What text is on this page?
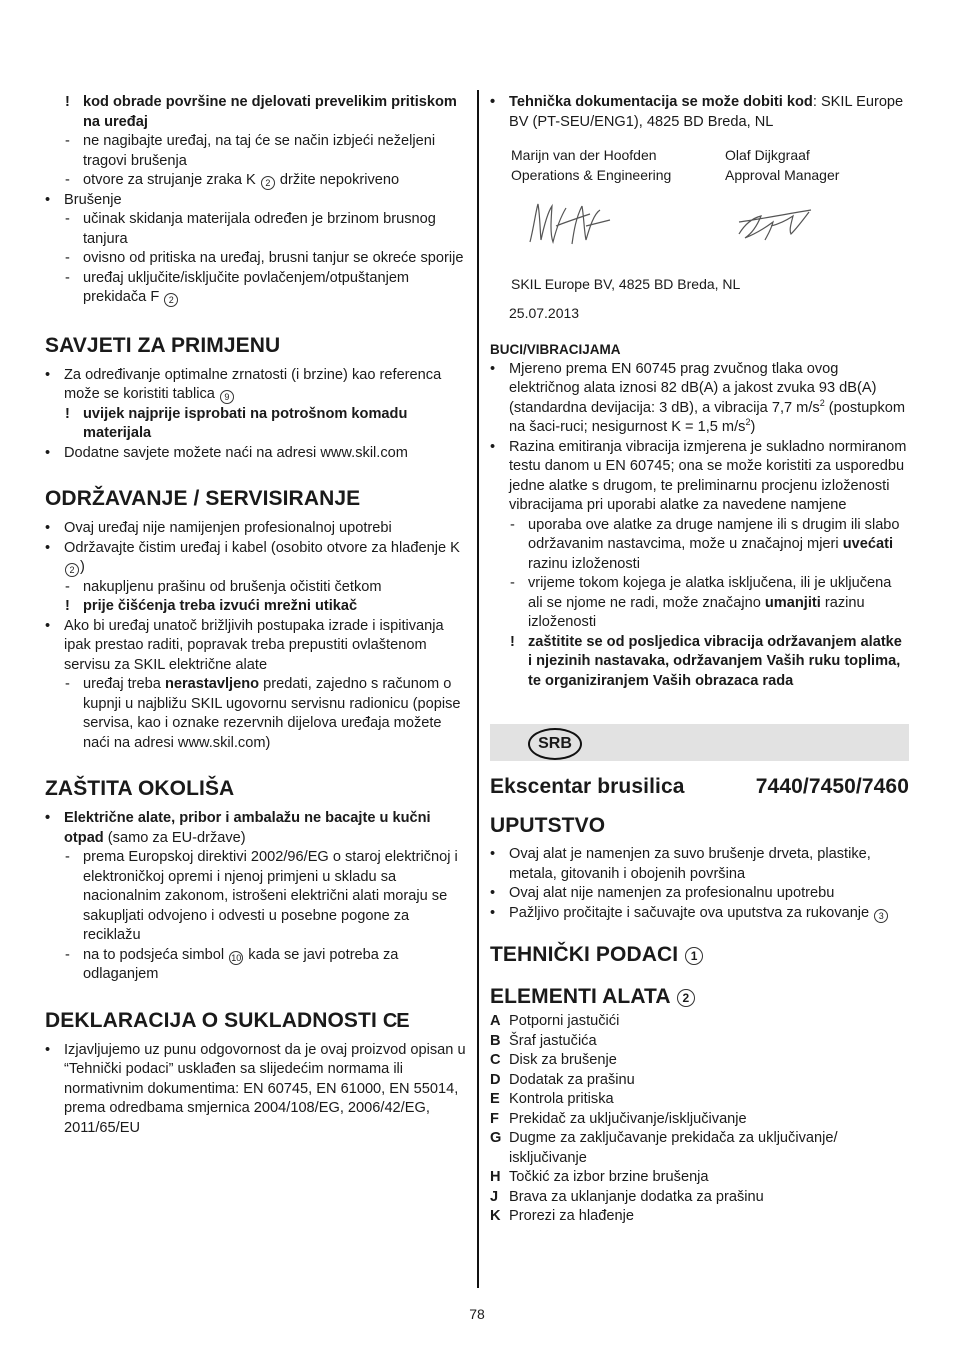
! kod obrade površine ne djelovati prevelikim pritiskom na uređaj
- ne nagibajte uređaj, na taj će se način izbjeći neželjeni tragovi brušenja
- otvore za strujanje zraka K 2 držite nepokriveno
• Brušenje
- učinak skidanja materijala određen je brzinom brusnog tanjura
- ovisno od pritiska na uređaj, brusni tanjur se okreće sporije
- uređaj uključite/isključite povlačenjem/otpuštanjem prekidača F 2
SAVJETI ZA PRIMJENU
• Za određivanje optimalne zrnatosti (i brzine) kao referenca može se koristiti tablica 9
! uvijek najprije isprobati na potrošnom komadu materijala
• Dodatne savjete možete naći na adresi www.skil.com
ODRŽAVANJE / SERVISIRANJE
• Ovaj uređaj nije namijenjen profesionalnoj upotrebi
• Održavajte čistim uređaj i kabel (osobito otvore za hlađenje K 2 )
- nakupljenu prašinu od brušenja očistiti četkom
! prije čišćenja treba izvući mrežni utikač
• Ako bi uređaj unatoč brižljivih postupaka izrade i ispitivanja ipak prestao raditi, popravak treba prepustiti ovlaštenom servisu za SKIL električne alate
- uređaj treba nerastavljeno predati, zajedno s računom o kupnji u najbližu SKIL ugovornu servisnu radionicu (popise servisa, kao i oznake rezervnih dijelova uređaja možete naći na adresi www.skil.com)
ZAŠTITA OKOLIŠA
• Električne alate, pribor i ambalažu ne bacajte u kučni otpad (samo za EU-države)
- prema Europskoj direktivi 2002/96/EG o staroj električnoj i elektroničkoj opremi i njenoj primjeni u skladu sa nacionalnim zakonom, istrošeni električni alati moraju se sakupljati odvojeno i odvesti u posebne pogone za reciklažu
- na to podsjeća simbol 10 kada se javi potreba za odlaganjem
DEKLARACIJA O SUKLADNOSTI CE
• Izjavljujemo uz punu odgovornost da je ovaj proizvod opisan u “Tehnički podaci” usklađen sa slijedećim normama ili normativnim dokumentima: EN 60745, EN 61000, EN 55014, prema odredbama smjernica 2004/108/EG, 2006/42/EG, 2011/65/EU
• Tehnička dokumentacija se može dobiti kod: SKIL Europe BV (PT-SEU/ENG1), 4825 BD Breda, NL
Marijn van der Hoofden
Operations & Engineering
Olaf Dijkgraaf
Approval Manager
SKIL Europe BV, 4825 BD Breda, NL
25.07.2013
BUCI/VIBRACIJAMA
• Mjereno prema EN 60745 prag zvučnog tlaka ovog električnog alata iznosi 82 dB(A) a jakost zvuka 93 dB(A) (standardna devijacija: 3 dB), a vibracija 7,7 $m/s^2$ (postupkom na šaci-ruci; nesigurnost K = 1,5 $m/s^2$)
• Razina emitiranja vibracija izmjerena je sukladno normiranom testu danom u EN 60745; ona se može koristiti za usporedbu jedne alatke s drugom, te preliminarnu procjenu izloženosti vibracijama pri uporabi alatke za navedene namjene
- uporaba ove alatke za druge namjene ili s drugim ili slabo održavanim nastavcima, može u značajnoj mjeri uvećati razinu izloženosti
- vrijeme tokom kojega je alatka isključena, ili je uključena ali se njome ne radi, može značajno umanjiti razinu izloženosti
! zaštitite se od posljedica vibracija održavanjem alatke i njezinih nastavaka, održavanjem Vaših ruku toplima, te organiziranjem Vaših obrazaca rada
SRB
Ekscentar brusilica	7440/7450/7460
UPUTSTVO
• Ovaj alat je namenjen za suvo brušenje drveta, plastike, metala, gitovanih i obojenih površina
• Ovaj alat nije namenjen za profesionalnu upotrebu
• Pažljivo pročitajte i sačuvajte ova uputstva za rukovanje 3
TEHNIČKI PODACI 1
ELEMENTI ALATA 2
A Potporni jastučići
B Šraf jastučića
C Disk za brušenje
D Dodatak za prašinu
E Kontrola pritiska
F Prekidač za uključivanje/isključivanje
G Dugme za zaključavanje prekidača za uključivanje/ isključivanje
H Točkić za izbor brzine brušenja
J Brava za uklanjanje dodatka za prašinu
K Prorezi za hlađenje
78
